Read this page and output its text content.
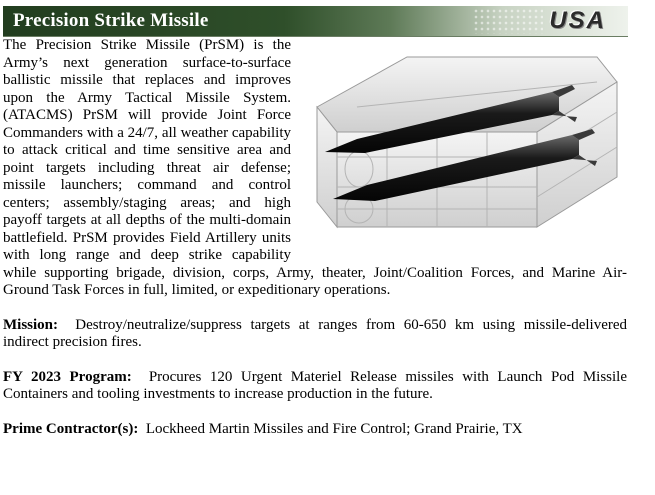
Precision Strike Missile	USA

The Precision Strike Missile (PrSM) is the Army’s next generation surface-to-surface ballistic missile that replaces and improves upon the Army Tactical Missile System. (ATACMS) PrSM will provide Joint Force Commanders with a 24/7, all weather capability to attack critical and time sensitive area and point targets including threat air defense; missile launchers; command and control centers; assembly/staging areas; and high payoff targets at all depths of the multi-domain battlefield. PrSM provides Field Artillery units with long range and deep strike capability while supporting brigade, division, corps, Army, theater, Joint/Coalition Forces, and Marine Air-Ground Task Forces in full, limited, or expeditionary operations.

Mission: Destroy/neutralize/suppress targets at ranges from 60-650 km using missile-delivered indirect precision fires.

FY 2023 Program: Procures 120 Urgent Materiel Release missiles with Launch Pod Missile Containers and tooling investments to increase production in the future.

Prime Contractor(s): Lockheed Martin Missiles and Fire Control; Grand Prairie, TX
